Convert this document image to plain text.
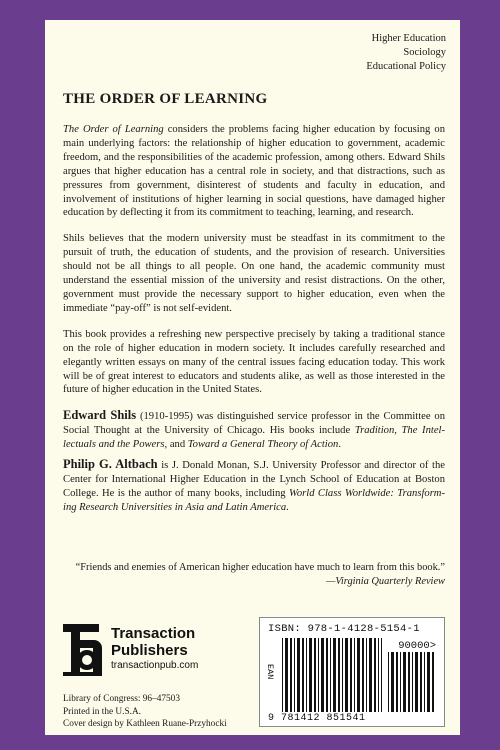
Higher Education
Sociology
Educational Policy
THE ORDER OF LEARNING

The Order of Learning considers the problems facing higher education by focusing on main underlying factors: the relationship of higher education to government, academic freedom, and the responsibilities of the academic profession, among others. Edward Shils argues that higher education has a central role in society, and that distractions, such as pressures from government, disinterest of students and faculty in education, and involvement of institutions of higher learning in social questions, have damaged higher education by deflecting it from its commitment to teaching, learning, and research.

Shils believes that the modern university must be steadfast in its commitment to the pursuit of truth, the education of students, and the provision of research. Universities should not be all things to all people. On one hand, the academic community must understand the essential mission of the university and resist distractions. On the other, government must provide the necessary support to higher education, even when the immediate “pay-off” is not self-evident.

This book provides a refreshing new perspective precisely by taking a traditional stance on the role of higher education in modern society. It includes carefully researched and elegantly written essays on many of the central issues facing education today. This work will be of great interest to educators and students alike, as well as those interested in the future of higher education in the United States.

Edward Shils (1910-1995) was distinguished service professor in the Committee on Social Thought at the University of Chicago. His books include Tradition, The Intellectuals and the Powers, and Toward a General Theory of Action.

Philip G. Altbach is J. Donald Monan, S.J. University Professor and director of the Center for International Higher Education in the Lynch School of Education at Boston College. He is the author of many books, including World Class Worldwide: Transforming Research Universities in Asia and Latin America.

“Friends and enemies of American higher education have much to learn from this book.”
—Virginia Quarterly Review
Transaction
Publishers
transactionpub.com
Library of Congress: 96–47503
Printed in the U.S.A.
Cover design by Kathleen Ruane-Przyhocki
ISBN: 978-1-4128-5154-1
EAN
90000>
9 781412 851541
